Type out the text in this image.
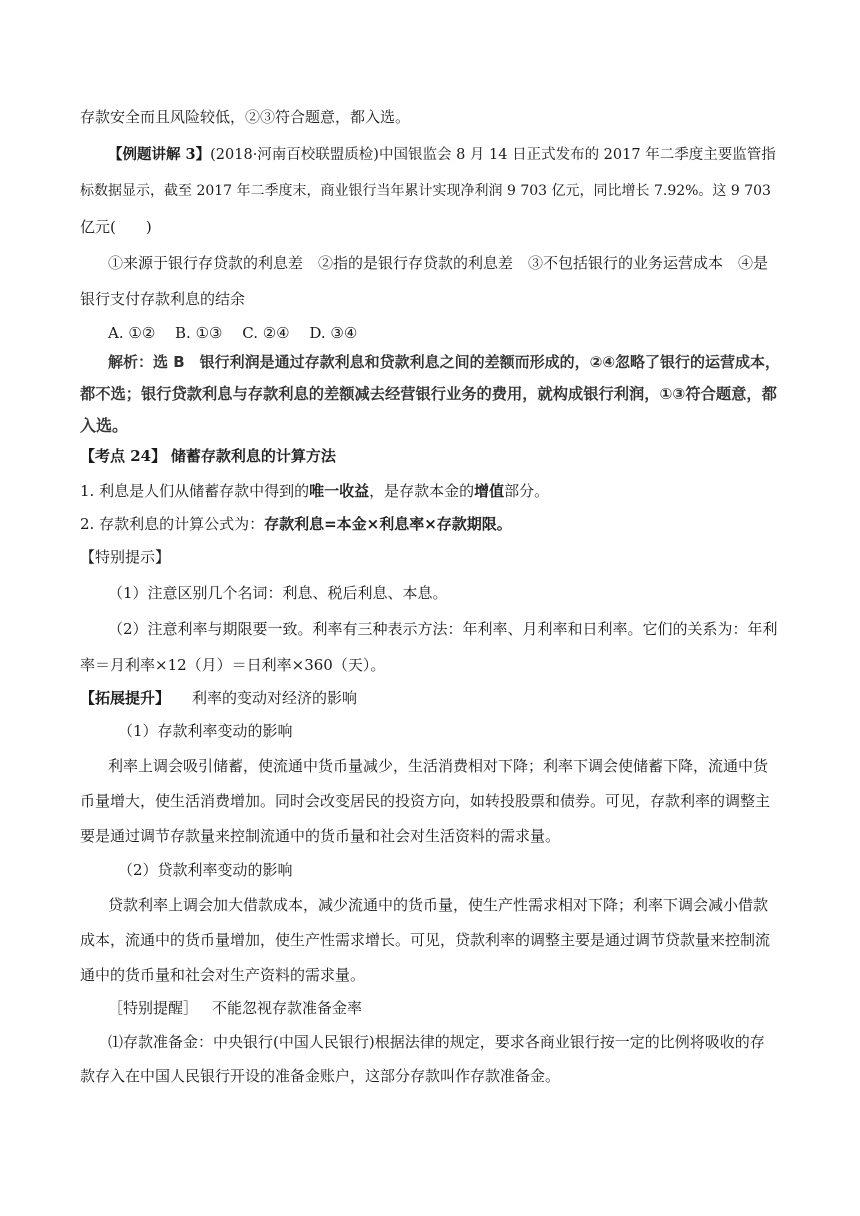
存款安全而且风险较低，②③符合题意，都入选。
【例题讲解 3】(2018·河南百校联盟质检)中国银监会 8 月 14 日正式发布的 2017 年二季度主要监管指
标数据显示，截至 2017 年二季度末，商业银行当年累计实现净利润 9 703 亿元，同比增长 7.92%。这 9 703
亿元(　　)
①来源于银行存贷款的利息差　②指的是银行存贷款的利息差　③不包括银行的业务运营成本　④是
银行支付存款利息的结余
A. ①②　 B. ①③　 C. ②④　 D. ③④
解析：选 B　银行利润是通过存款利息和贷款利息之间的差额而形成的，②④忽略了银行的运营成本，
都不选；银行贷款利息与存款利息的差额减去经营银行业务的费用，就构成银行利润，①③符合题意，都
入选。
【考点 24】 储蓄存款利息的计算方法
1. 利息是人们从储蓄存款中得到的唯一收益，是存款本金的增值部分。
2. 存款利息的计算公式为：存款利息=本金×利息率×存款期限。
【特别提示】
（1）注意区别几个名词：利息、税后利息、本息。
（2）注意利率与期限要一致。利率有三种表示方法：年利率、月利率和日利率。它们的关系为：年利
率＝月利率×12（月）＝日利率×360（天）。
【拓展提升】 利率的变动对经济的影响
（1）存款利率变动的影响
利率上调会吸引储蓄，使流通中货币量减少，生活消费相对下降；利率下调会使储蓄下降，流通中货
币量增大，使生活消费增加。同时会改变居民的投资方向，如转投股票和债券。可见，存款利率的调整主
要是通过调节存款量来控制流通中的货币量和社会对生活资料的需求量。
（2）贷款利率变动的影响
贷款利率上调会加大借款成本，减少流通中的货币量，使生产性需求相对下降；利率下调会减小借款
成本，流通中的货币量增加，使生产性需求增长。可见，贷款利率的调整主要是通过调节贷款量来控制流
通中的货币量和社会对生产资料的需求量。
［特别提醒］ 不能忽视存款准备金率
⑴存款准备金：中央银行(中国人民银行)根据法律的规定，要求各商业银行按一定的比例将吸收的存
款存入在中国人民银行开设的准备金账户，这部分存款叫作存款准备金。
